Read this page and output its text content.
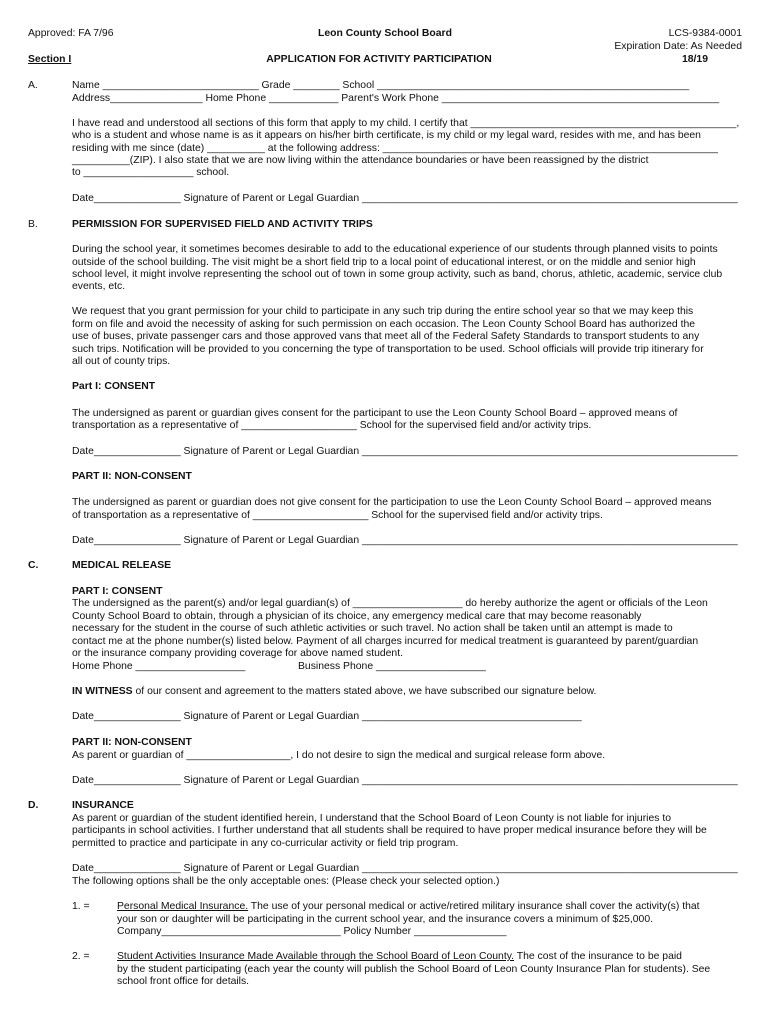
Approved: FA 7/96	Leon County School Board	LCS-9384-0001
Expiration Date: As Needed
Section I	APPLICATION FOR ACTIVITY PARTICIPATION	18/19
A.	Name ___________________________ Grade ________ School ______________________________________________________
Address________________ Home Phone ____________ Parent's Work Phone ________________________________________________
I have read and understood all sections of this form that apply to my child. I certify that ______________________________________________,
who is a student and whose name is as it appears on his/her birth certificate, is my child or my legal ward, resides with me, and has been
residing with me since (date) __________ at the following address: __________________________________________________________
__________(ZIP). I also state that we are now living within the attendance boundaries or have been reassigned by the district
to ___________________ school.
Date_______________ Signature of Parent or Legal Guardian _________________________________________________________________
B.	PERMISSION FOR SUPERVISED FIELD AND ACTIVITY TRIPS
During the school year, it sometimes becomes desirable to add to the educational experience of our students through planned visits to points
outside of the school building. The visit might be a short field trip to a local point of educational interest, or on the middle and senior high
school level, it might involve representing the school out of town in some group activity, such as band, chorus, athletic, academic, service club
events, etc.
We request that you grant permission for your child to participate in any such trip during the entire school year so that we may keep this
form on file and avoid the necessity of asking for such permission on each occasion. The Leon County School Board has authorized the
use of buses, private passenger cars and those approved vans that meet all of the Federal Safety Standards to transport students to any
such trips. Notification will be provided to you concerning the type of transportation to be used. School officials will provide trip itinerary for
all out of county trips.
Part I: CONSENT
The undersigned as parent or guardian gives consent for the participant to use the Leon County School Board – approved means of
transportation as a representative of ____________________ School for the supervised field and/or activity trips.
Date_______________ Signature of Parent or Legal Guardian _________________________________________________________________
PART II: NON-CONSENT
The undersigned as parent or guardian does not give consent for the participation to use the Leon County School Board – approved means
of transportation as a representative of ____________________ School for the supervised field and/or activity trips.
Date_______________ Signature of Parent or Legal Guardian _________________________________________________________________
C.	MEDICAL RELEASE
PART I: CONSENT
The undersigned as the parent(s) and/or legal guardian(s) of ___________________ do hereby authorize the agent or officials of the Leon
County School Board to obtain, through a physician of its choice, any emergency medical care that may become reasonably
necessary for the student in the course of such athletic activities or such travel. No action shall be taken until an attempt is made to
contact me at the phone number(s) listed below. Payment of all charges incurred for medical treatment is guaranteed by parent/guardian
or the insurance company providing coverage for above named student.
Home Phone ___________________	Business Phone ___________________
IN WITNESS of our consent and agreement to the matters stated above, we have subscribed our signature below.
Date_______________ Signature of Parent or Legal Guardian ______________________________________
PART II: NON-CONSENT
As parent or guardian of __________________, I do not desire to sign the medical and surgical release form above.
Date_______________ Signature of Parent or Legal Guardian _________________________________________________________________
D.	INSURANCE
As parent or guardian of the student identified herein, I understand that the School Board of Leon County is not liable for injuries to
participants in school activities. I further understand that all students shall be required to have proper medical insurance before they will be
permitted to practice and participate in any co-curricular activity or field trip program.
Date_______________ Signature of Parent or Legal Guardian _________________________________________________________________
The following options shall be the only acceptable ones: (Please check your selected option.)
1. =	Personal Medical Insurance. The use of your personal medical or active/retired military insurance shall cover the activity(s) that
your son or daughter will be participating in the current school year, and the insurance covers a minimum of $25,000.
Company_______________________________ Policy Number ________________
2. =	Student Activities Insurance Made Available through the School Board of Leon County. The cost of the insurance to be paid
by the student participating (each year the county will publish the School Board of Leon County Insurance Plan for students). See
school front office for details.
